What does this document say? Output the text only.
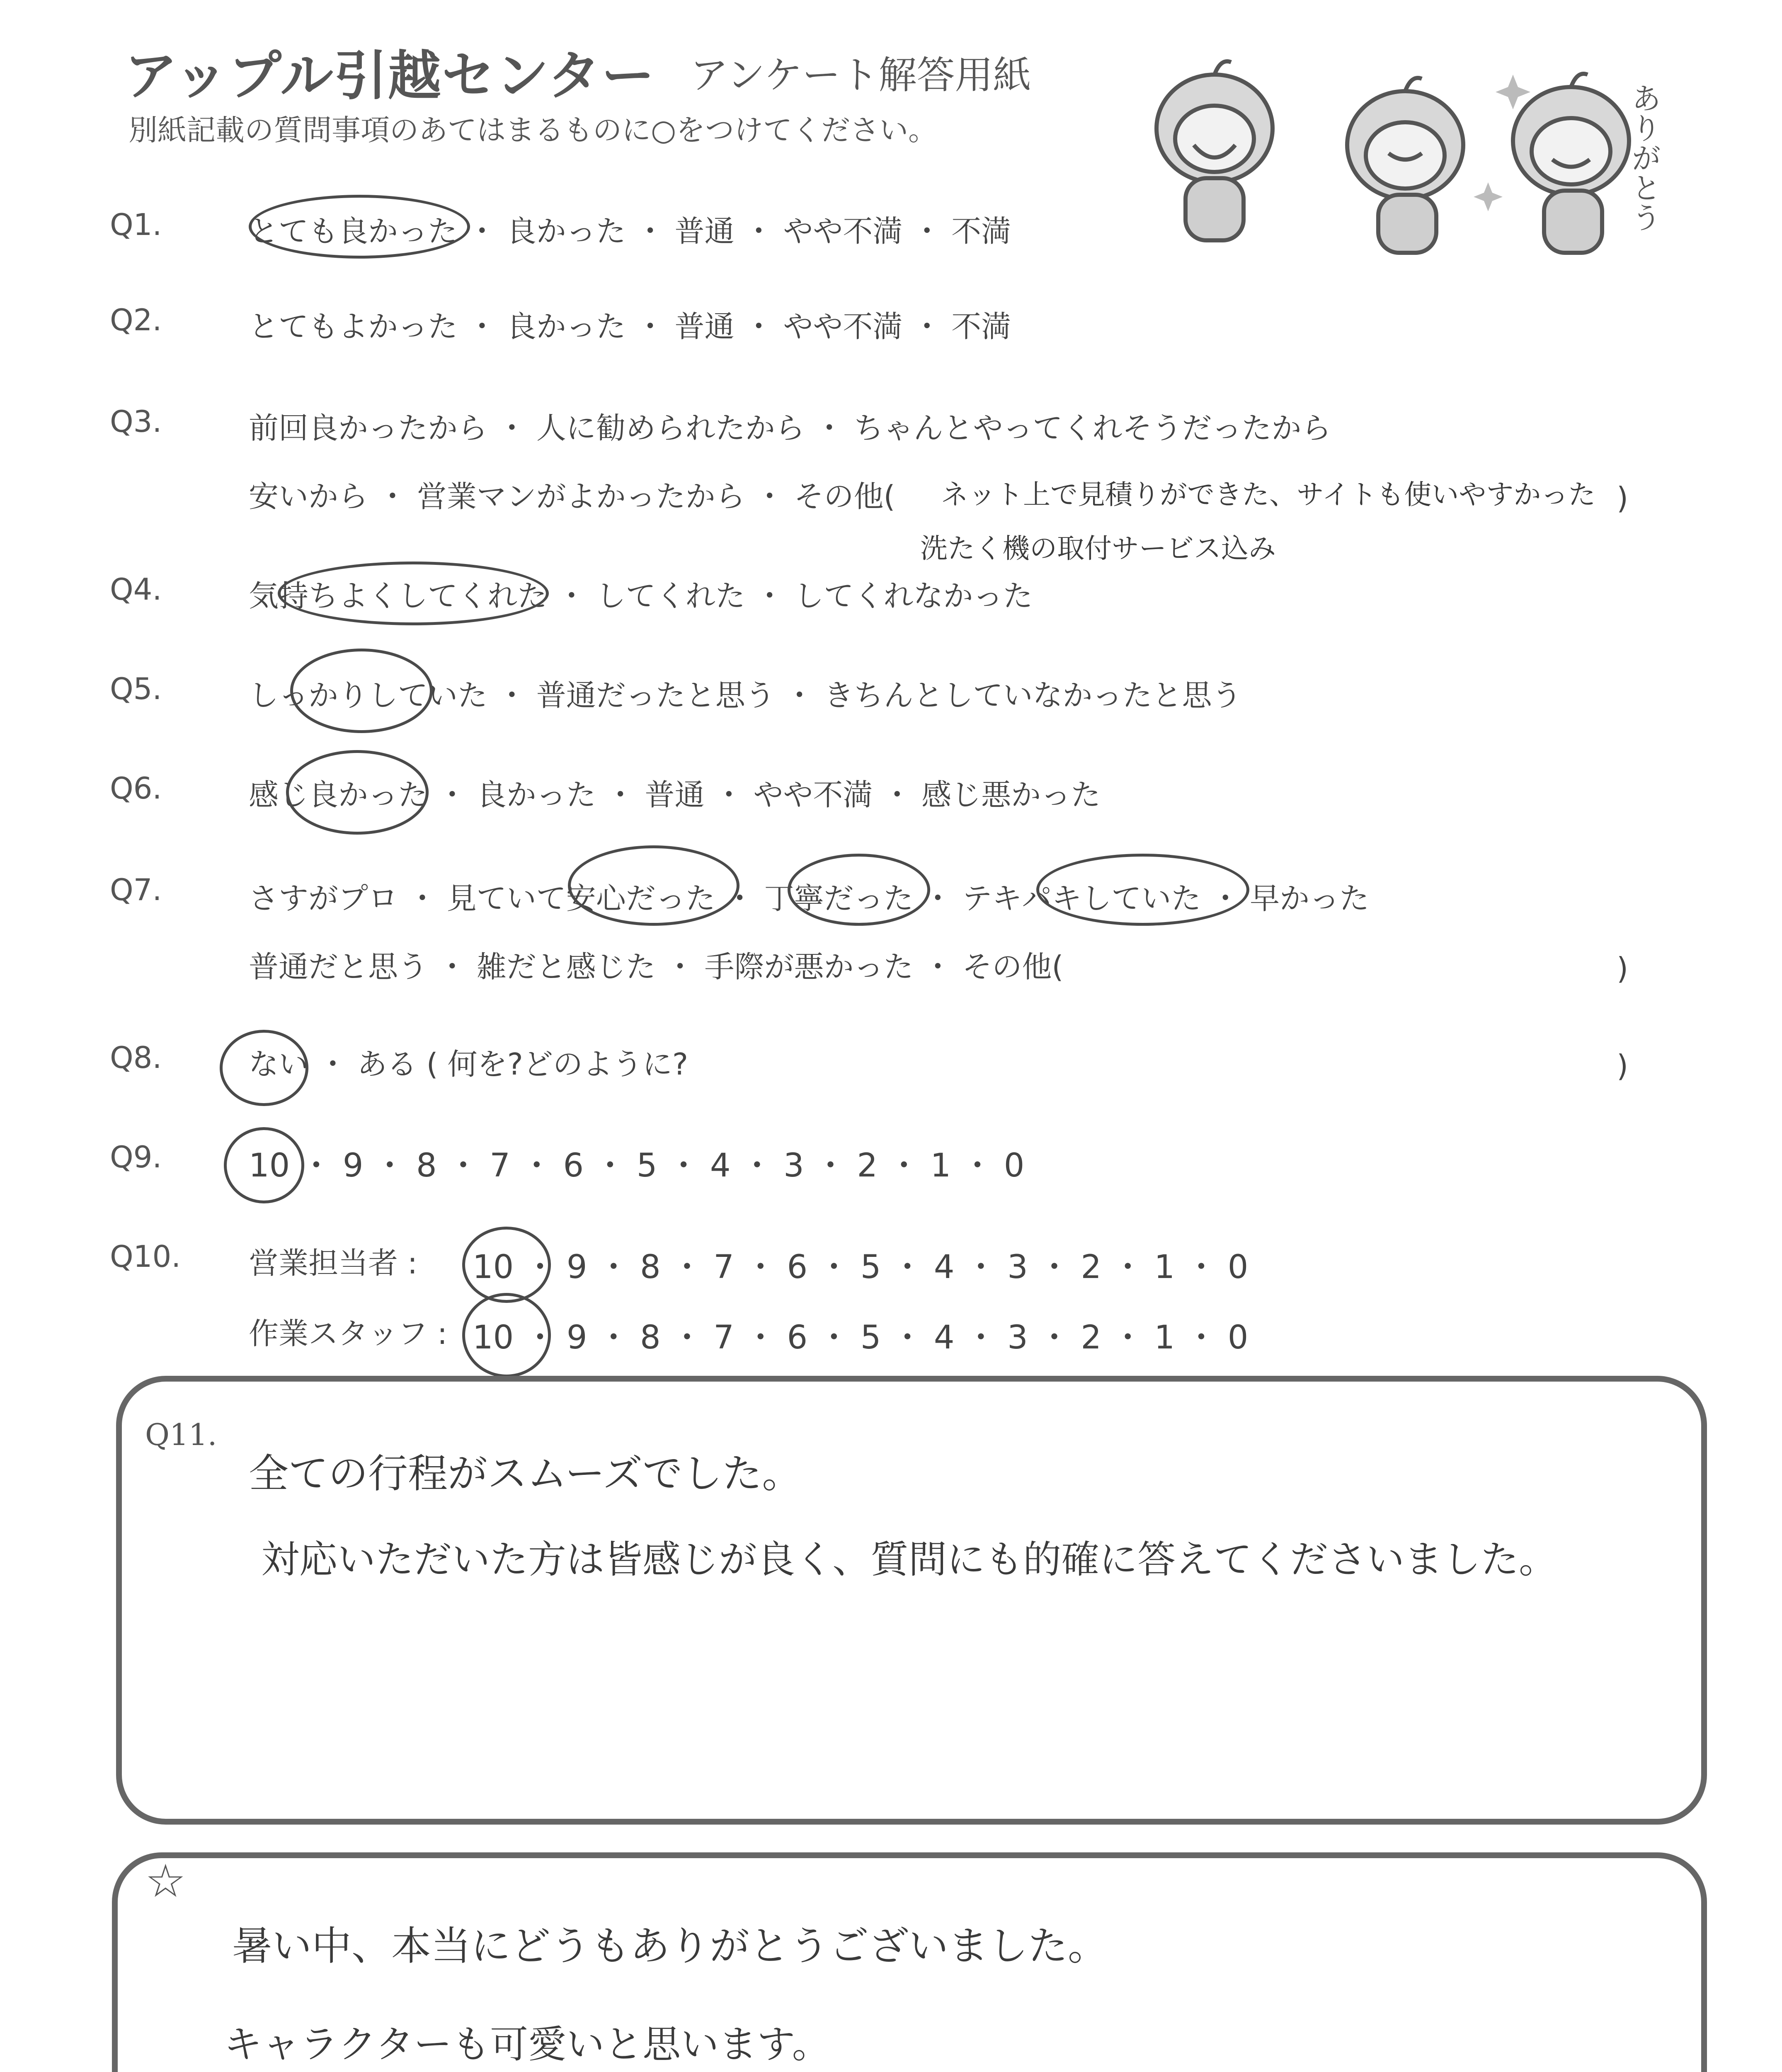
アップル引越センター アンケート解答用紙
別紙記載の質問事項のあてはまるものに○をつけてください。	ありがとう
Q1.	とても良かった ・ 良かった ・ 普通 ・ やや不満 ・ 不満
Q2.	とてもよかった ・ 良かった ・ 普通 ・ やや不満 ・ 不満
Q3.	前回良かったから ・ 人に勧められたから ・ ちゃんとやってくれそうだったから
安いから ・ 営業マンがよかったから ・ その他( ネット上で見積りができた、サイトも使いやすかった )
洗たく機の取付サービス込み
Q4.	気持ちよくしてくれた ・ してくれた ・ してくれなかった
Q5.	しっかりしていた ・ 普通だったと思う ・ きちんとしていなかったと思う
Q6.	感じ良かった ・ 良かった ・ 普通 ・ やや不満 ・ 感じ悪かった
Q7.	さすがプロ ・ 見ていて安心だった ・ 丁寧だった ・ テキパキしていた ・ 早かった
普通だと思う ・ 雑だと感じた ・ 手際が悪かった ・ その他(	)
Q8.	ない ・ ある ( 何を?どのように?	)
Q9.	10 ・ 9 ・ 8 ・ 7 ・ 6 ・ 5 ・ 4 ・ 3 ・ 2 ・ 1 ・ 0
Q10. 営業担当者 : 10 ・ 9 ・ 8 ・ 7 ・ 6 ・ 5 ・ 4 ・ 3 ・ 2 ・ 1 ・ 0
作業スタッフ : 10 ・ 9 ・ 8 ・ 7 ・ 6 ・ 5 ・ 4 ・ 3 ・ 2 ・ 1 ・ 0
Q11.
全ての行程がスムーズでした。
対応いただいた方は皆感じが良く、質問にも的確に答えてくださいました。
☆
暑い中、本当にどうもありがとうございました。
キャラクターも可愛いと思います。
